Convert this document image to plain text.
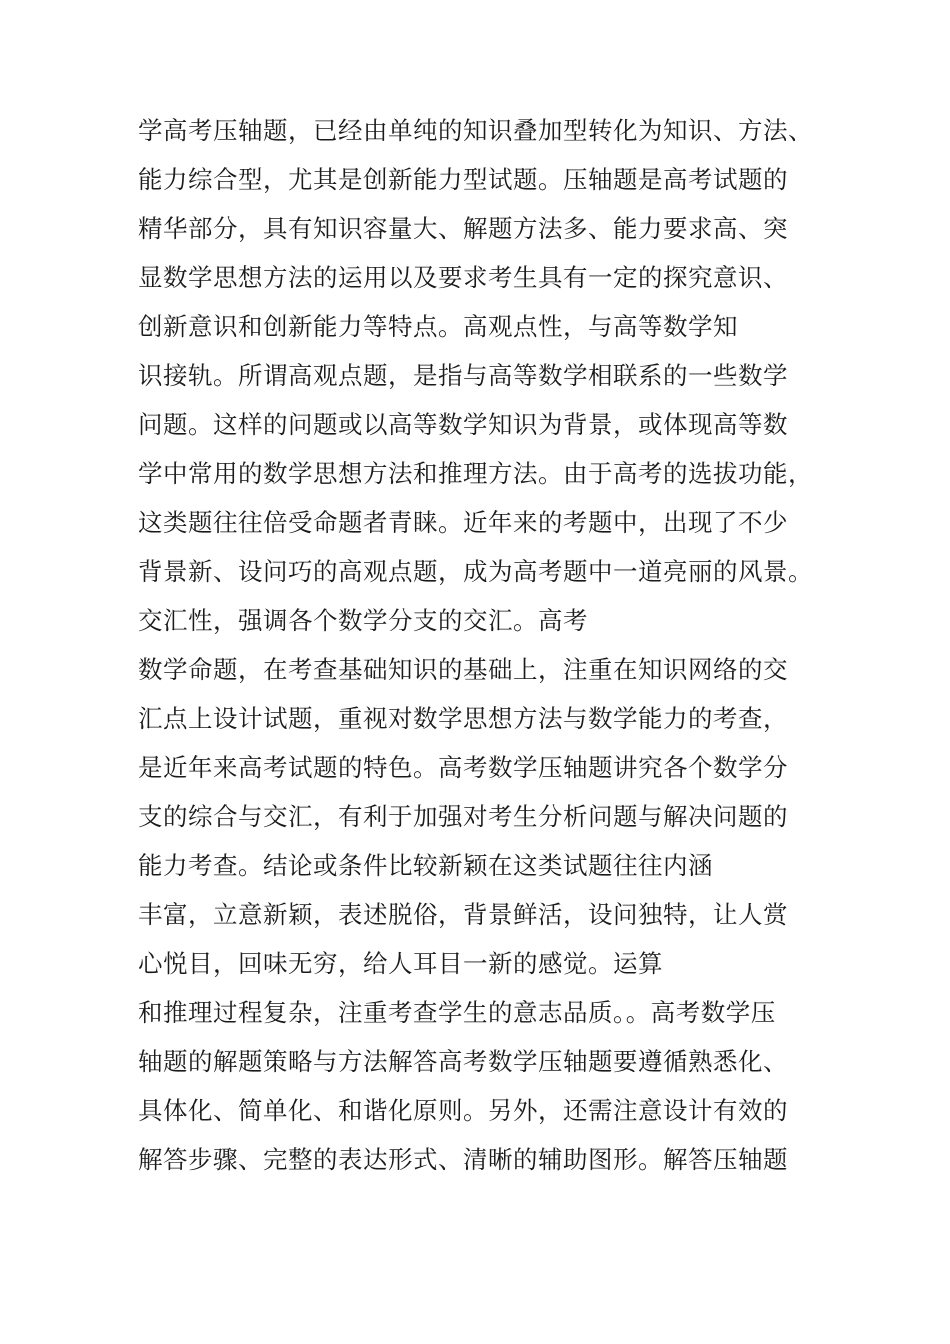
学高考压轴题，已经由单纯的知识叠加型转化为知识、方法、
能力综合型，尤其是创新能力型试题。压轴题是高考试题的
精华部分，具有知识容量大、解题方法多、能力要求高、突
显数学思想方法的运用以及要求考生具有一定的探究意识、
创新意识和创新能力等特点。高观点性，与高等数学知
识接轨。所谓高观点题，是指与高等数学相联系的一些数学
问题。这样的问题或以高等数学知识为背景，或体现高等数
学中常用的数学思想方法和推理方法。由于高考的选拔功能，
这类题往往倍受命题者青睐。近年来的考题中，出现了不少
背景新、设问巧的高观点题，成为高考题中一道亮丽的风景。
交汇性，强调各个数学分支的交汇。高考
数学命题，在考查基础知识的基础上，注重在知识网络的交
汇点上设计试题，重视对数学思想方法与数学能力的考查，
是近年来高考试题的特色。高考数学压轴题讲究各个数学分
支的综合与交汇，有利于加强对考生分析问题与解决问题的
能力考查。结论或条件比较新颖在这类试题往往内涵
丰富，立意新颖，表述脱俗，背景鲜活，设问独特，让人赏
心悦目，回味无穷，给人耳目一新的感觉。运算
和推理过程复杂，注重考查学生的意志品质。。高考数学压
轴题的解题策略与方法解答高考数学压轴题要遵循熟悉化、
具体化、简单化、和谐化原则。另外，还需注意设计有效的
解答步骤、完整的表达形式、清晰的辅助图形。解答压轴题
